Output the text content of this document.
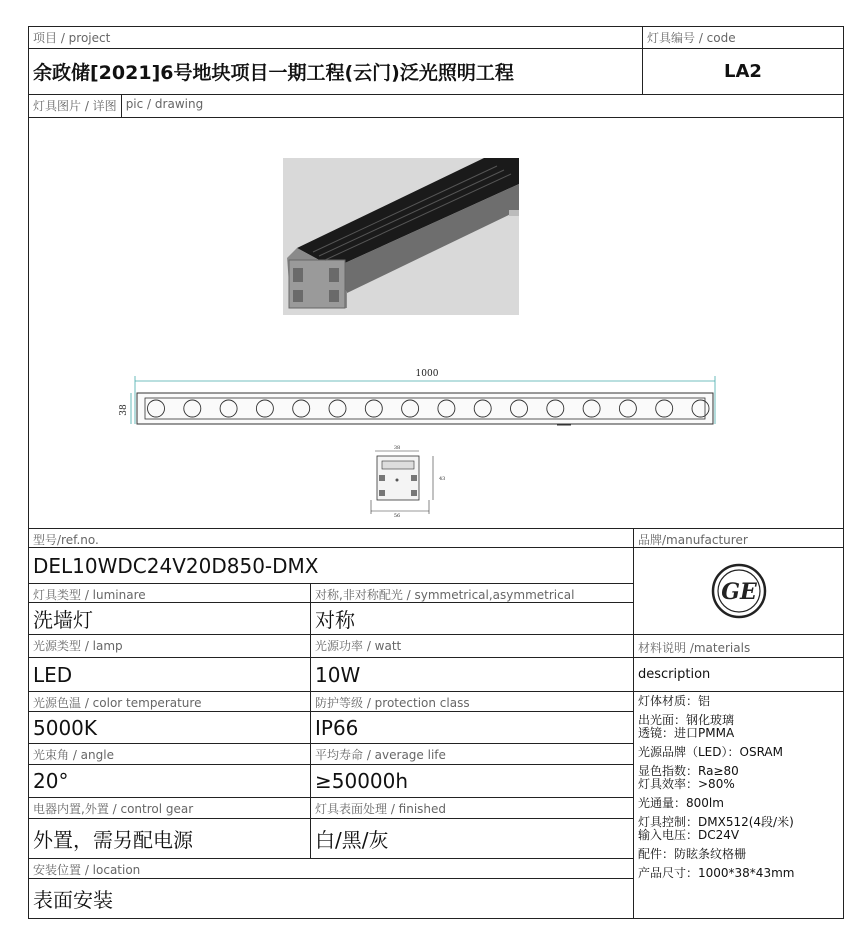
项目 / project	灯具编号 / code
余政储[2021]6号地块项目一期工程(云门)泛光照明工程	LA2
灯具图片 / 详图 pic / drawing
1000
38
38
43
56
型号/ref.no.	品牌/manufacturer
DEL10WDC24V20D850-DMX
GE
灯具类型 / luminare	对称,非对称配光 / symmetrical,asymmetrical
洗墙灯	对称
光源类型 / lamp	光源功率 / watt	材料说明 /materials
LED	10W	description
光源色温 / color temperature	防护等级 / protection class
5000K	IP66
光束角 / angle	平均寿命 / average life
20°	≥50000h
电器内置,外置 / control gear	灯具表面处理 / finished
外置，需另配电源	白/黑/灰
安装位置 / location
表面安装
灯体材质：铝
出光面：钢化玻璃
透镜：进口PMMA
光源品牌（LED）：OSRAM
显色指数：Ra≥80
灯具效率：>80%
光通量：800lm
灯具控制：DMX512(4段/米)
输入电压：DC24V
配件：防眩条纹格栅
产品尺寸：1000*38*43mm
